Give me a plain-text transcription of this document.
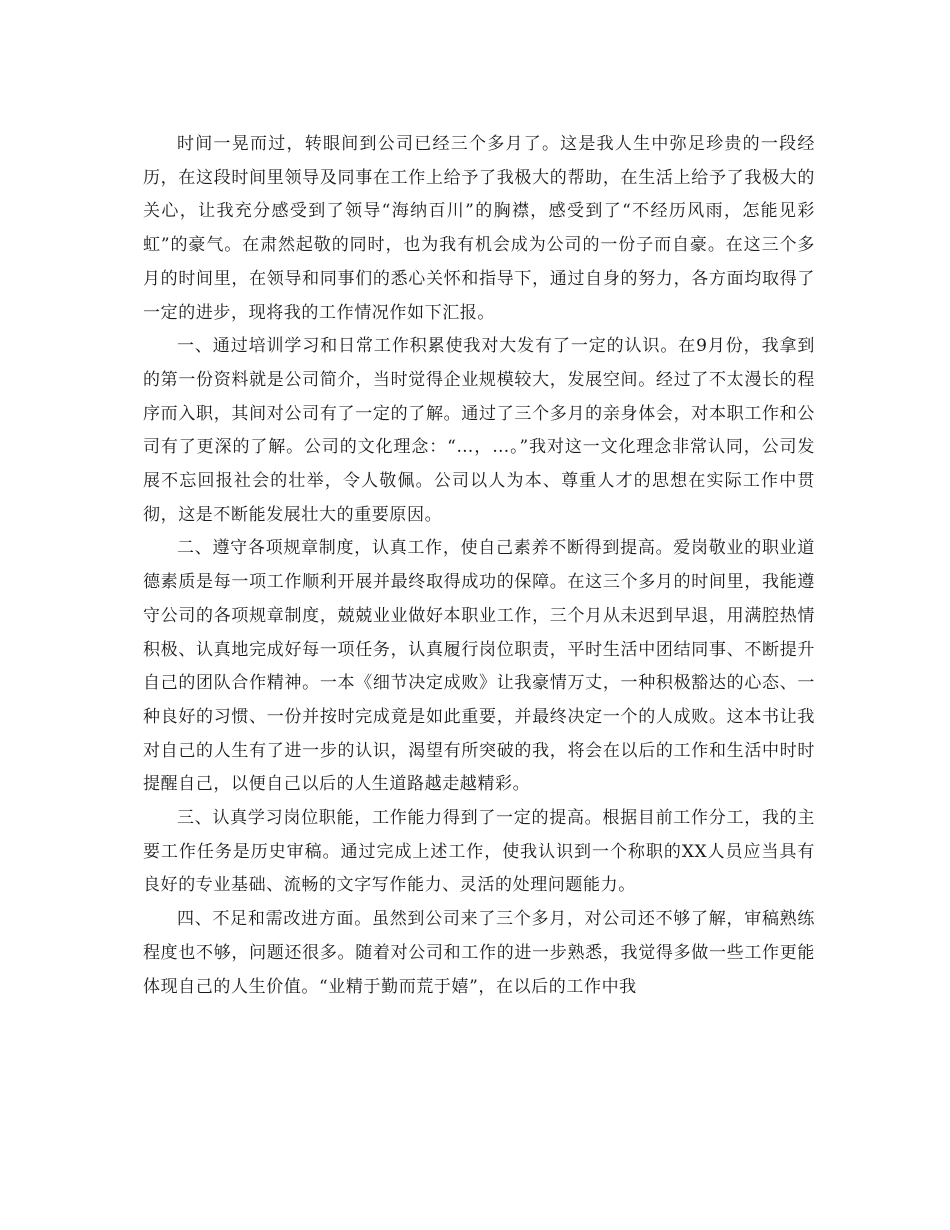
时间一晃而过，转眼间到公司已经三个多月了。这是我人生中弥足珍贵的一段经历，在这段时间里领导及同事在工作上给予了我极大的帮助，在生活上给予了我极大的关心，让我充分感受到了领导“海纳百川”的胸襟，感受到了“不经历风雨，怎能见彩虹”的豪气。在肃然起敬的同时，也为我有机会成为公司的一份子而自豪。在这三个多月的时间里，在领导和同事们的悉心关怀和指导下，通过自身的努力，各方面均取得了一定的进步，现将我的工作情况作如下汇报。

一、通过培训学习和日常工作积累使我对大发有了一定的认识。在9月份，我拿到的第一份资料就是公司简介，当时觉得企业规模较大，发展空间。经过了不太漫长的程序而入职，其间对公司有了一定的了解。通过了三个多月的亲身体会，对本职工作和公司有了更深的了解。公司的文化理念：“…，…。”我对这一文化理念非常认同，公司发展不忘回报社会的壮举，令人敬佩。公司以人为本、尊重人才的思想在实际工作中贯彻，这是不断能发展壮大的重要原因。

二、遵守各项规章制度，认真工作，使自己素养不断得到提高。爱岗敬业的职业道德素质是每一项工作顺利开展并最终取得成功的保障。在这三个多月的时间里，我能遵守公司的各项规章制度，兢兢业业做好本职业工作，三个月从未迟到早退，用满腔热情积极、认真地完成好每一项任务，认真履行岗位职责，平时生活中团结同事、不断提升自己的团队合作精神。一本《细节决定成败》让我豪情万丈，一种积极豁达的心态、一种良好的习惯、一份并按时完成竟是如此重要，并最终决定一个的人成败。这本书让我对自己的人生有了进一步的认识，渴望有所突破的我，将会在以后的工作和生活中时时提醒自己，以便自己以后的人生道路越走越精彩。

三、认真学习岗位职能，工作能力得到了一定的提高。根据目前工作分工，我的主要工作任务是历史审稿。通过完成上述工作，使我认识到一个称职的XX人员应当具有良好的专业基础、流畅的文字写作能力、灵活的处理问题能力。

四、不足和需改进方面。虽然到公司来了三个多月，对公司还不够了解，审稿熟练程度也不够，问题还很多。随着对公司和工作的进一步熟悉，我觉得多做一些工作更能体现自己的人生价值。“业精于勤而荒于嬉”，在以后的工作中我
